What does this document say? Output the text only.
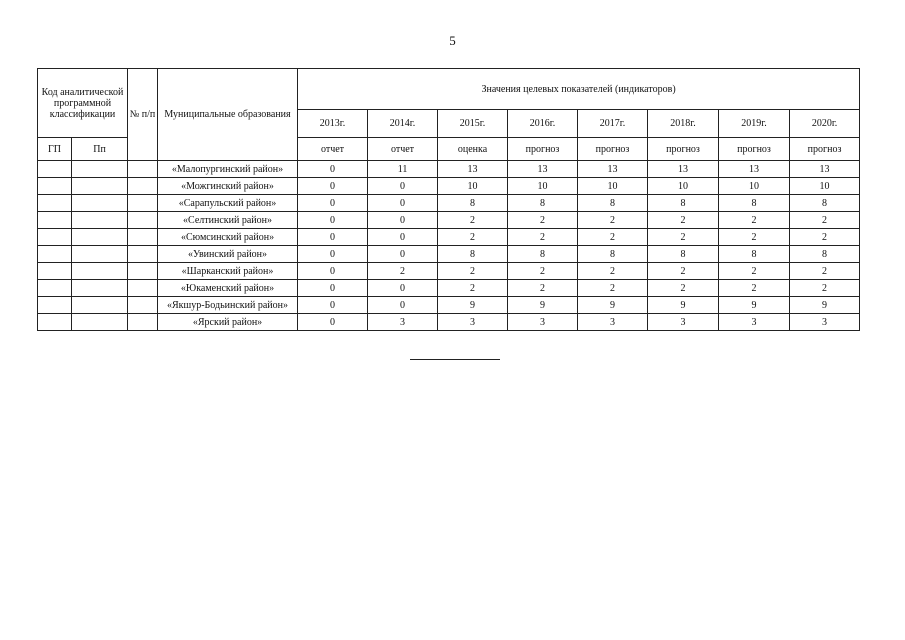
5
Код аналитической программной классификации		№ п/п	Муниципальные образования	Значения целевых показателей (индикаторов)							
				2013г.	2014г.	2015г.	2016г.	2017г.	2018г.	2019г.	2020г.
ГП	Пп			отчет	отчет	оценка	прогноз	прогноз	прогноз	прогноз	прогноз
			«Малопургинский район»	0	11	13	13	13	13	13	13
			«Можгинский район»	0	0	10	10	10	10	10	10
			«Сарапульский район»	0	0	8	8	8	8	8	8
			«Селтинский район»	0	0	2	2	2	2	2	2
			«Сюмсинский район»	0	0	2	2	2	2	2	2
			«Увинский район»	0	0	8	8	8	8	8	8
			«Шарканский район»	0	2	2	2	2	2	2	2
			«Юкаменский район»	0	0	2	2	2	2	2	2
			«Якшур-Бодьинский район»	0	0	9	9	9	9	9	9
			«Ярский район»	0	3	3	3	3	3	3	3
